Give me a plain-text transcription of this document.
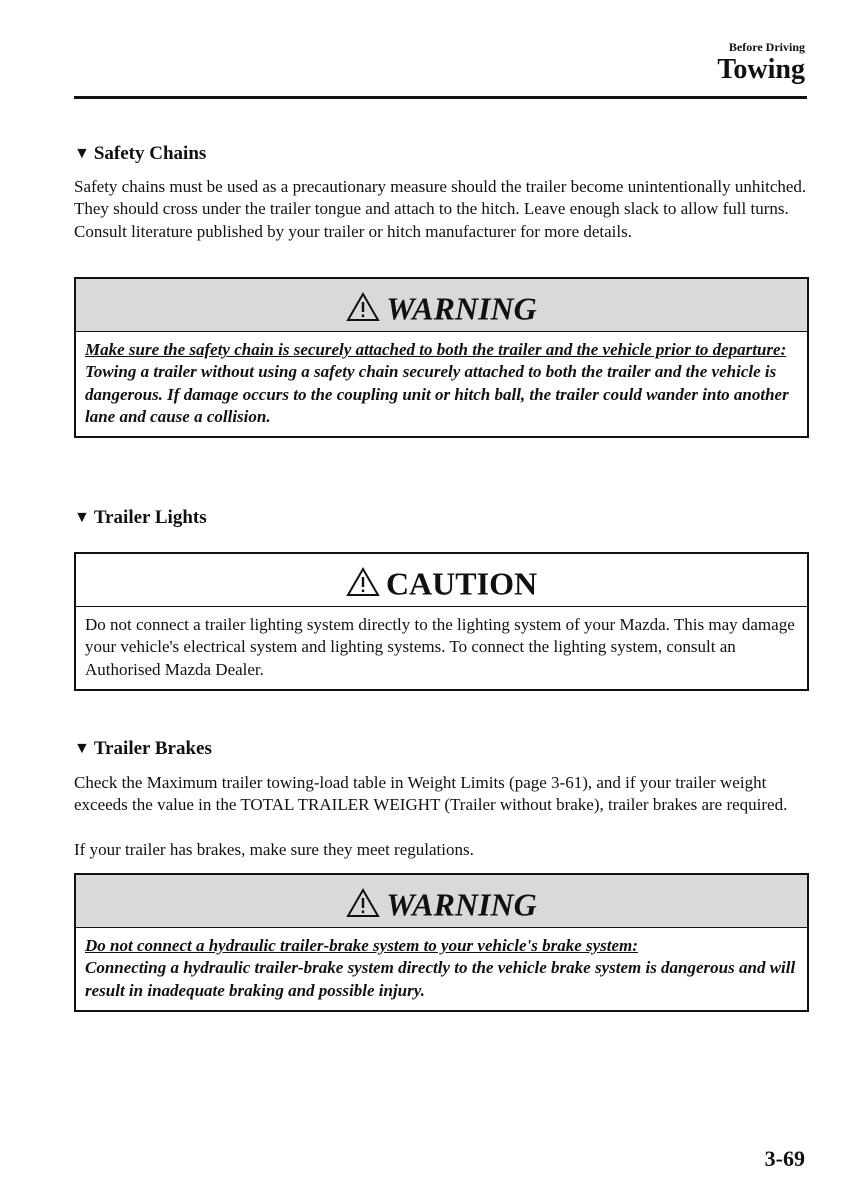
Before Driving
Towing
▼ Safety Chains
Safety chains must be used as a precautionary measure should the trailer become unintentionally unhitched. They should cross under the trailer tongue and attach to the hitch. Leave enough slack to allow full turns. Consult literature published by your trailer or hitch manufacturer for more details.
WARNING
Make sure the safety chain is securely attached to both the trailer and the vehicle prior to departure:
Towing a trailer without using a safety chain securely attached to both the trailer and the vehicle is dangerous. If damage occurs to the coupling unit or hitch ball, the trailer could wander into another lane and cause a collision.
▼ Trailer Lights
CAUTION
Do not connect a trailer lighting system directly to the lighting system of your Mazda. This may damage your vehicle's electrical system and lighting systems. To connect the lighting system, consult an Authorised Mazda Dealer.
▼ Trailer Brakes
Check the Maximum trailer towing-load table in Weight Limits (page 3-61), and if your trailer weight exceeds the value in the TOTAL TRAILER WEIGHT (Trailer without brake), trailer brakes are required.
If your trailer has brakes, make sure they meet regulations.
WARNING
Do not connect a hydraulic trailer-brake system to your vehicle's brake system:
Connecting a hydraulic trailer-brake system directly to the vehicle brake system is dangerous and will result in inadequate braking and possible injury.
3-69
